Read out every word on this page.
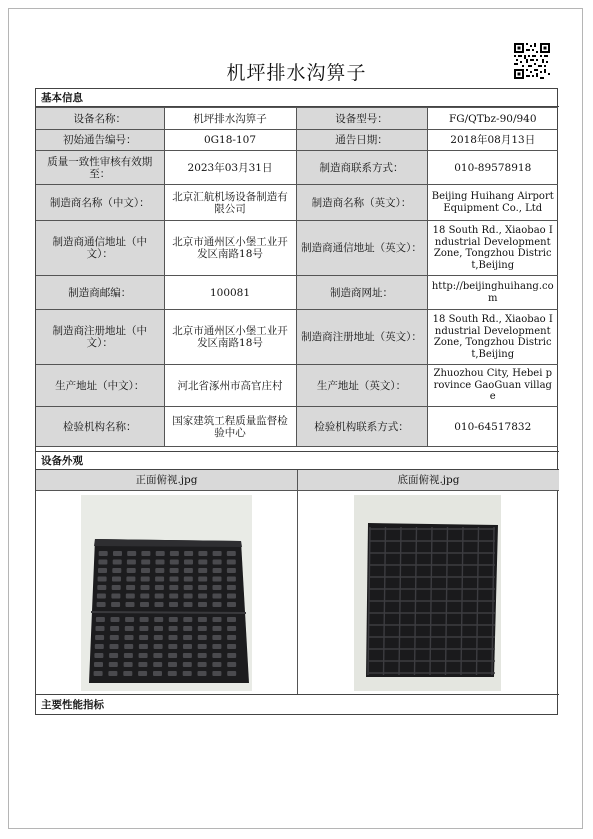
机坪排水沟箅子
基本信息
设备名称：	机坪排水沟箅子	设备型号：	FG/QTbz-90/940
初始通告编号：	0G18-107	通告日期：	2018年08月13日
质量一致性审核有效期至：	2023年03月31日	制造商联系方式：	010-89578918
制造商名称（中文）：	北京汇航机场设备制造有限公司	制造商名称（英文）：	Beijing Huihang Airport Equipment Co., Ltd
制造商通信地址（中文）：	北京市通州区小堡工业开发区南路18号	制造商通信地址（英文）：	18 South Rd., Xiaobao Industrial Development Zone, Tongzhou District,Beijing
制造商邮编：	100081	制造商网址：	http://beijinghuihang.com
制造商注册地址（中文）：	北京市通州区小堡工业开发区南路18号	制造商注册地址（英文）：	18 South Rd., Xiaobao Industrial Development Zone, Tongzhou District,Beijing
生产地址（中文）：	河北省涿州市高官庄村	生产地址（英文）：	Zhuozhou City, Hebei province GaoGuan village
检验机构名称：	国家建筑工程质量监督检验中心	检验机构联系方式：	010-64517832
设备外观
正面俯视.jpg	底面俯视.jpg
主要性能指标
